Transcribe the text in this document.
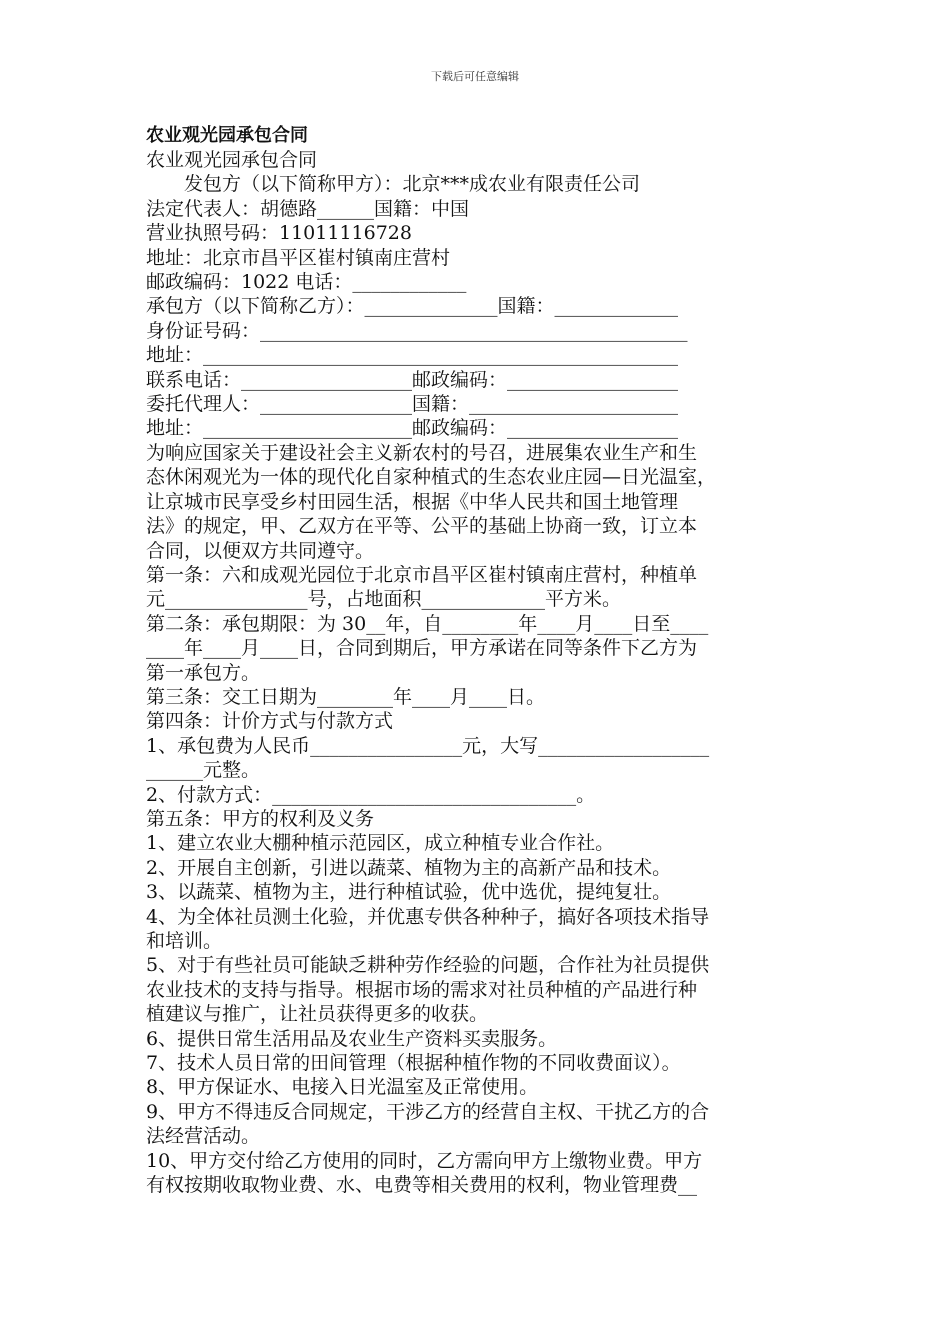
下载后可任意编辑
农业观光园承包合同
农业观光园承包合同
发包方（以下简称甲方）：北京***成农业有限责任公司
法定代表人：胡德路______国籍：中国
营业执照号码：11011116728
地址：北京市昌平区崔村镇南庄营村
邮政编码：1022 电话：____________
承包方（以下简称乙方）：______________国籍：_____________
身份证号码：_____________________________________________
地址：__________________________________________________
联系电话：__________________邮政编码：__________________
委托代理人：________________国籍：______________________
地址：______________________邮政编码：__________________
为响应国家关于建设社会主义新农村的号召，进展集农业生产和生
态休闲观光为一体的现代化自家种植式的生态农业庄园—日光温室，
让京城市民享受乡村田园生活，根据《中华人民共和国土地管理
法》的规定，甲、乙双方在平等、公平的基础上协商一致，订立本
合同，以便双方共同遵守。
第一条：六和成观光园位于北京市昌平区崔村镇南庄营村，种植单
元_______________号，占地面积_____________平方米。
第二条：承包期限：为 30__年，自________年____月____日至____
____年____月____日，合同到期后，甲方承诺在同等条件下乙方为
第一承包方。
第三条：交工日期为________年____月____日。
第四条：计价方式与付款方式
1、承包费为人民币________________元，大写__________________
______元整。
2、付款方式：________________________________。
第五条：甲方的权利及义务
1、建立农业大棚种植示范园区，成立种植专业合作社。
2、开展自主创新，引进以蔬菜、植物为主的高新产品和技术。
3、以蔬菜、植物为主，进行种植试验，优中选优，提纯复壮。
4、为全体社员测土化验，并优惠专供各种种子，搞好各项技术指导
和培训。
5、对于有些社员可能缺乏耕种劳作经验的问题，合作社为社员提供
农业技术的支持与指导。根据市场的需求对社员种植的产品进行种
植建议与推广，让社员获得更多的收获。
6、提供日常生活用品及农业生产资料买卖服务。
7、技术人员日常的田间管理（根据种植作物的不同收费面议）。
8、甲方保证水、电接入日光温室及正常使用。
9、甲方不得违反合同规定，干涉乙方的经营自主权、干扰乙方的合
法经营活动。
10、甲方交付给乙方使用的同时，乙方需向甲方上缴物业费。甲方
有权按期收取物业费、水、电费等相关费用的权利，物业管理费__
